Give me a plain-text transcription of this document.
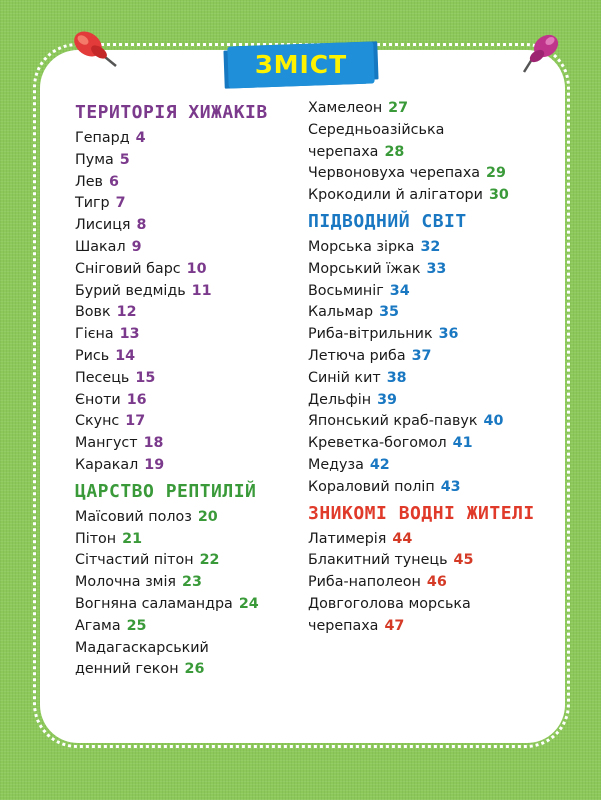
ЗМІСТ
ТЕРИТОРІЯ ХИЖАКІВ
Гепард 4
Пума 5
Лев 6
Тигр 7
Лисиця 8
Шакал 9
Сніговий барс 10
Бурий ведмідь 11
Вовк 12
Гієна 13
Рись 14
Песець 15
Єноти 16
Скунс 17
Мангуст 18
Каракал 19
ЦАРСТВО РЕПТИЛІЙ
Маїсовий полоз 20
Пітон 21
Сітчастий пітон 22
Молочна змія 23
Вогняна саламандра 24
Агама 25
Мадагаскарський
денний гекон 26
Хамелеон 27
Середньоазійська
черепаха 28
Червоновуха черепаха 29
Крокодили й алігатори 30
ПІДВОДНИЙ СВІТ
Морська зірка 32
Морський їжак 33
Восьминіг 34
Кальмар 35
Риба-вітрильник 36
Летюча риба 37
Синій кит 38
Дельфін 39
Японський краб-павук 40
Креветка-богомол 41
Медуза 42
Кораловий поліп 43
ЗНИКОМІ ВОДНІ ЖИТЕЛІ
Латимерія 44
Блакитний тунець 45
Риба-наполеон 46
Довгоголова морська
черепаха 47
